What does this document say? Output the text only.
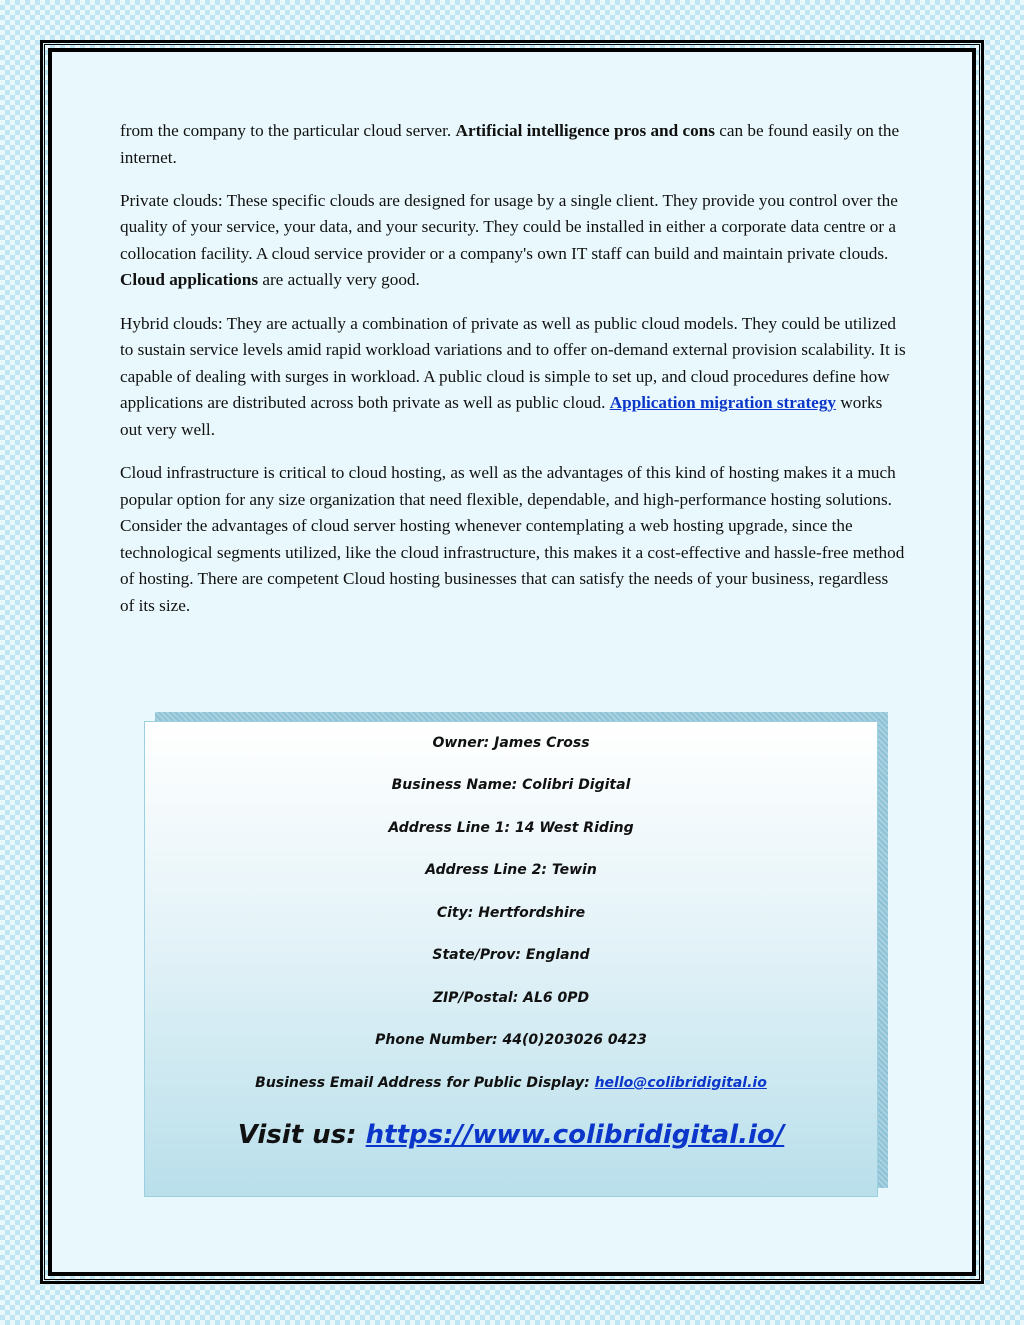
from the company to the particular cloud server. Artificial intelligence pros and cons can be found easily on the internet.

Private clouds: These specific clouds are designed for usage by a single client. They provide you control over the quality of your service, your data, and your security. They could be installed in either a corporate data centre or a collocation facility. A cloud service provider or a company's own IT staff can build and maintain private clouds. Cloud applications are actually very good.

Hybrid clouds: They are actually a combination of private as well as public cloud models. They could be utilized to sustain service levels amid rapid workload variations and to offer on-demand external provision scalability. It is capable of dealing with surges in workload. A public cloud is simple to set up, and cloud procedures define how applications are distributed across both private as well as public cloud. Application migration strategy works out very well.

Cloud infrastructure is critical to cloud hosting, as well as the advantages of this kind of hosting makes it a much popular option for any size organization that need flexible, dependable, and high-performance hosting solutions. Consider the advantages of cloud server hosting whenever contemplating a web hosting upgrade, since the technological segments utilized, like the cloud infrastructure, this makes it a cost-effective and hassle-free method of hosting. There are competent Cloud hosting businesses that can satisfy the needs of your business, regardless of its size.

Owner: James Cross
Business Name: Colibri Digital
Address Line 1: 14 West Riding
Address Line 2: Tewin
City: Hertfordshire
State/Prov: England
ZIP/Postal: AL6 0PD
Phone Number: 44(0)203026 0423
Business Email Address for Public Display: hello@colibridigital.io
Visit us: https://www.colibridigital.io/
